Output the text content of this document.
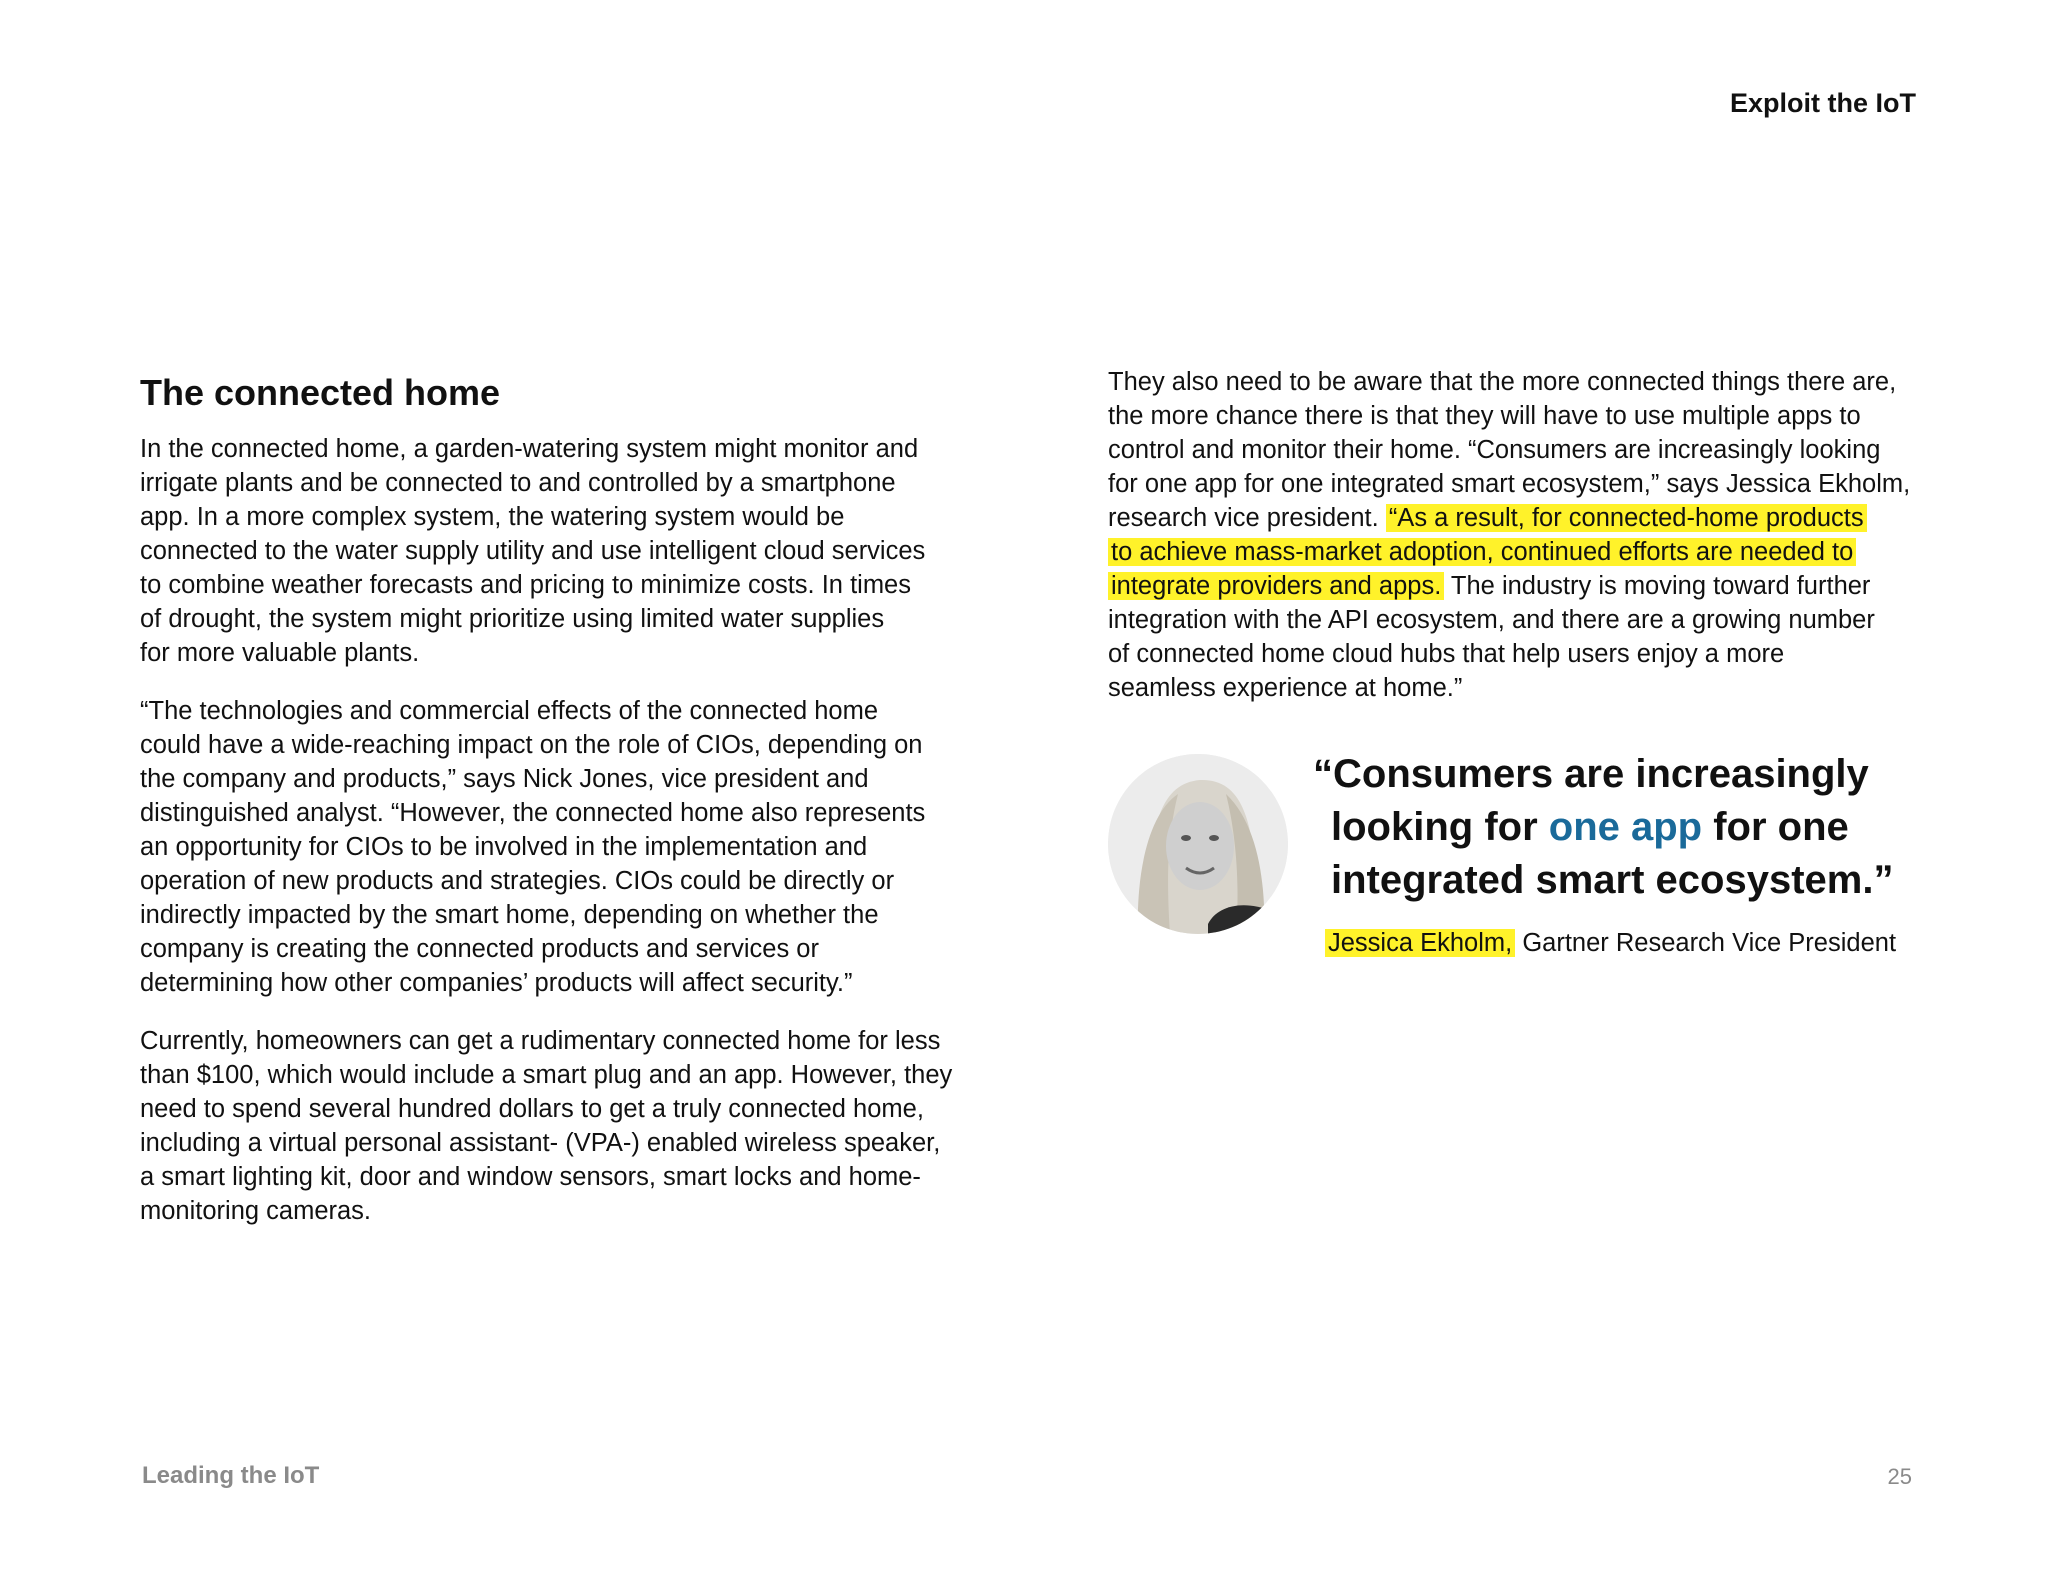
Exploit the IoT
The connected home

In the connected home, a garden-watering system might monitor and
irrigate plants and be connected to and controlled by a smartphone
app. In a more complex system, the watering system would be
connected to the water supply utility and use intelligent cloud services
to combine weather forecasts and pricing to minimize costs. In times
of drought, the system might prioritize using limited water supplies
for more valuable plants.

“The technologies and commercial effects of the connected home
could have a wide-reaching impact on the role of CIOs, depending on
the company and products,” says Nick Jones, vice president and
distinguished analyst. “However, the connected home also represents
an opportunity for CIOs to be involved in the implementation and
operation of new products and strategies. CIOs could be directly or
indirectly impacted by the smart home, depending on whether the
company is creating the connected products and services or
determining how other companies’ products will affect security.”

Currently, homeowners can get a rudimentary connected home for less
than $100, which would include a smart plug and an app. However, they
need to spend several hundred dollars to get a truly connected home,
including a virtual personal assistant- (VPA-) enabled wireless speaker,
a smart lighting kit, door and window sensors, smart locks and home-
monitoring cameras.

They also need to be aware that the more connected things there are,
the more chance there is that they will have to use multiple apps to
control and monitor their home. “Consumers are increasingly looking
for one app for one integrated smart ecosystem,” says Jessica Ekholm,
research vice president. “As a result, for connected-home products
to achieve mass-market adoption, continued efforts are needed to
integrate providers and apps. The industry is moving toward further
integration with the API ecosystem, and there are a growing number
of connected home cloud hubs that help users enjoy a more
seamless experience at home.”

“Consumers are increasingly
looking for one app for one
integrated smart ecosystem.”
Jessica Ekholm, Gartner Research Vice President
Leading the IoT	25
